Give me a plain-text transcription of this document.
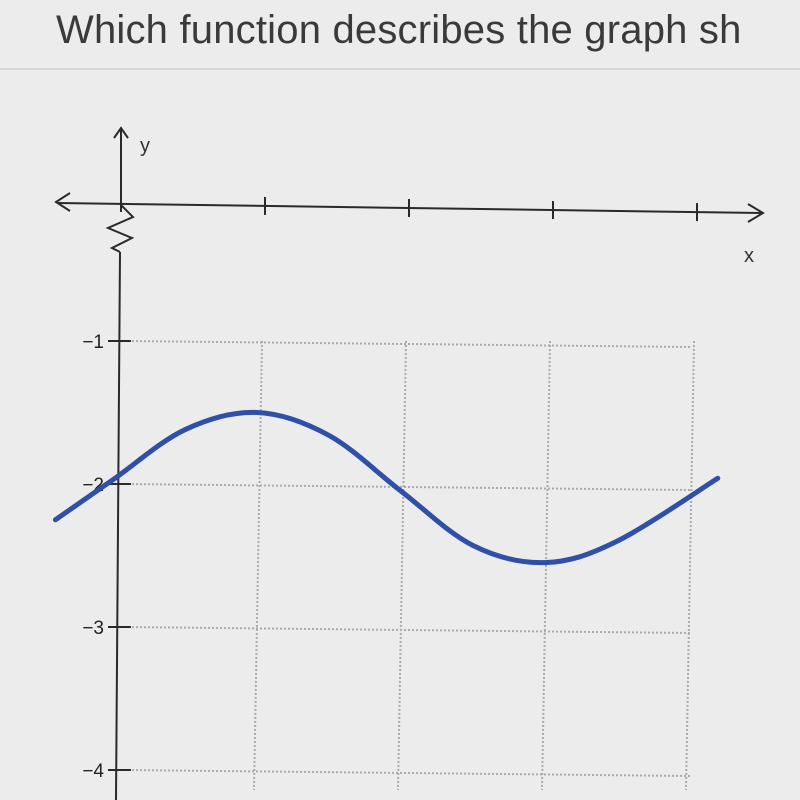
Which function describes the graph sh
y
x
−1
−2
−3
−4
